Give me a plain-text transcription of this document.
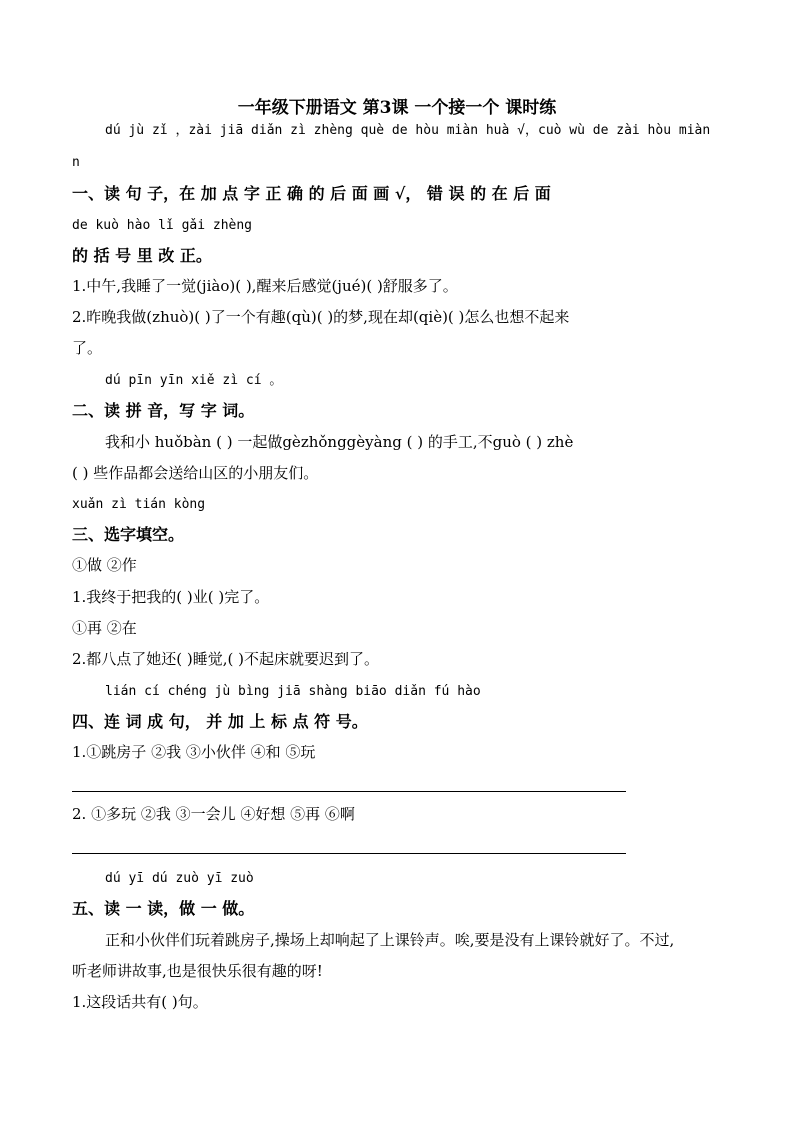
一年级下册语文 第3课 一个接一个 课时练
dú jù zǐ ，zài jiā diǎn zì zhèng què de hòu miàn huà √，cuò wù de zài hòu miàn
n
一、读 句 子，在 加 点 字 正 确 的 后 面 画 √， 错 误 的 在 后 面
de kuò hào lǐ gǎi zhèng
的 括 号 里 改 正。
1.中午,我睡了一觉(jiào)( ),醒来后感觉(jué)( )舒服多了。
2.昨晚我做(zhuò)( )了一个有趣(qù)( )的梦,现在却(qiè)( )怎么也想不起来
了。
dú pīn yīn xiě zì cí 。
二、读 拼 音，写 字 词。
我和小 huǒbàn ( ) 一起做gèzhǒnggèyàng ( ) 的手工,不guò ( ) zhè
( ) 些作品都会送给山区的小朋友们。
xuǎn zì tián kòng
三、选字填空。
①做 ②作
1.我终于把我的( )业( )完了。
①再 ②在
2.都八点了她还( )睡觉,( )不起床就要迟到了。
lián cí chéng jù bìng jiā shàng biāo diǎn fú hào
四、连 词 成 句， 并 加 上 标 点 符 号。
1.①跳房子 ②我 ③小伙伴 ④和 ⑤玩
2. ①多玩 ②我 ③一会儿 ④好想 ⑤再 ⑥啊
dú yī dú zuò yī zuò
五、读 一 读，做 一 做。
正和小伙伴们玩着跳房子,操场上却响起了上课铃声。唉,要是没有上课铃就好了。不过,
听老师讲故事,也是很快乐很有趣的呀!
1.这段话共有( )句。
